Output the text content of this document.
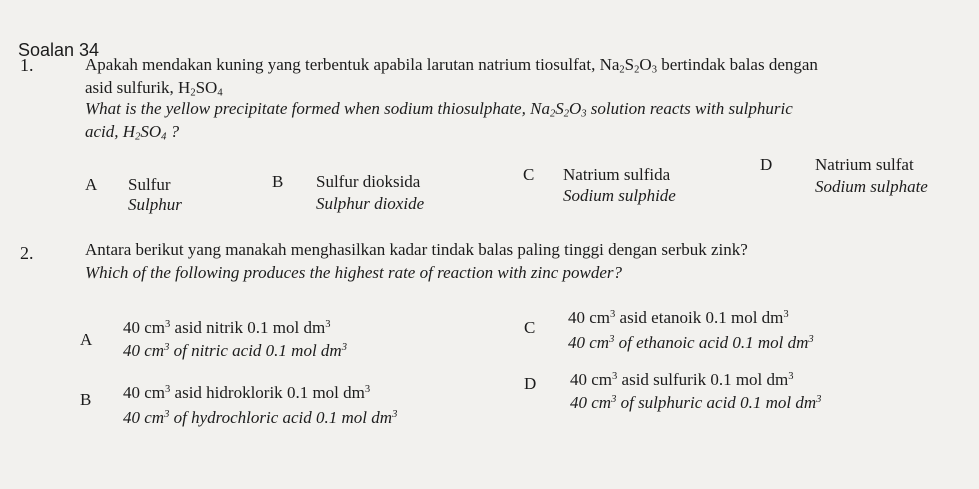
Soalan 34
1.	Apakah mendakan kuning yang terbentuk apabila larutan natrium tiosulfat, $Na_2S_2O_3$ bertindak balas dengan
asid sulfurik, $H_2SO_4$
What is the yellow precipitate formed when sodium thiosulphate, $Na_2S_2O_3$ solution reacts with sulphuric
acid, $H_2SO_4$ ?
A Sulfur
Sulphur
B Sulfur dioksida
Sulphur dioxide
C Natrium sulfida
Sodium sulphide
D	Natrium sulfat
Sodium sulphate
2.	Antara berikut yang manakah menghasilkan kadar tindak balas paling tinggi dengan serbuk zink?
Which of the following produces the highest rate of reaction with zinc powder?
A
40 $cm^3$ asid nitrik 0.1 mol $dm^3$
40 $cm^3$ of nitric acid 0.1 mol $dm^3$
B 40 $cm^3$ asid hidroklorik 0.1 mol $dm^3$
40 $cm^3$ of hydrochloric acid 0.1 mol $dm^3$
C
40 $cm^3$ asid etanoik 0.1 mol $dm^3$
40 $cm^3$ of ethanoic acid 0.1 mol $dm^3$
D 40 $cm^3$ asid sulfurik 0.1 mol $dm^3$
40 $cm^3$ of sulphuric acid 0.1 mol $dm^3$
